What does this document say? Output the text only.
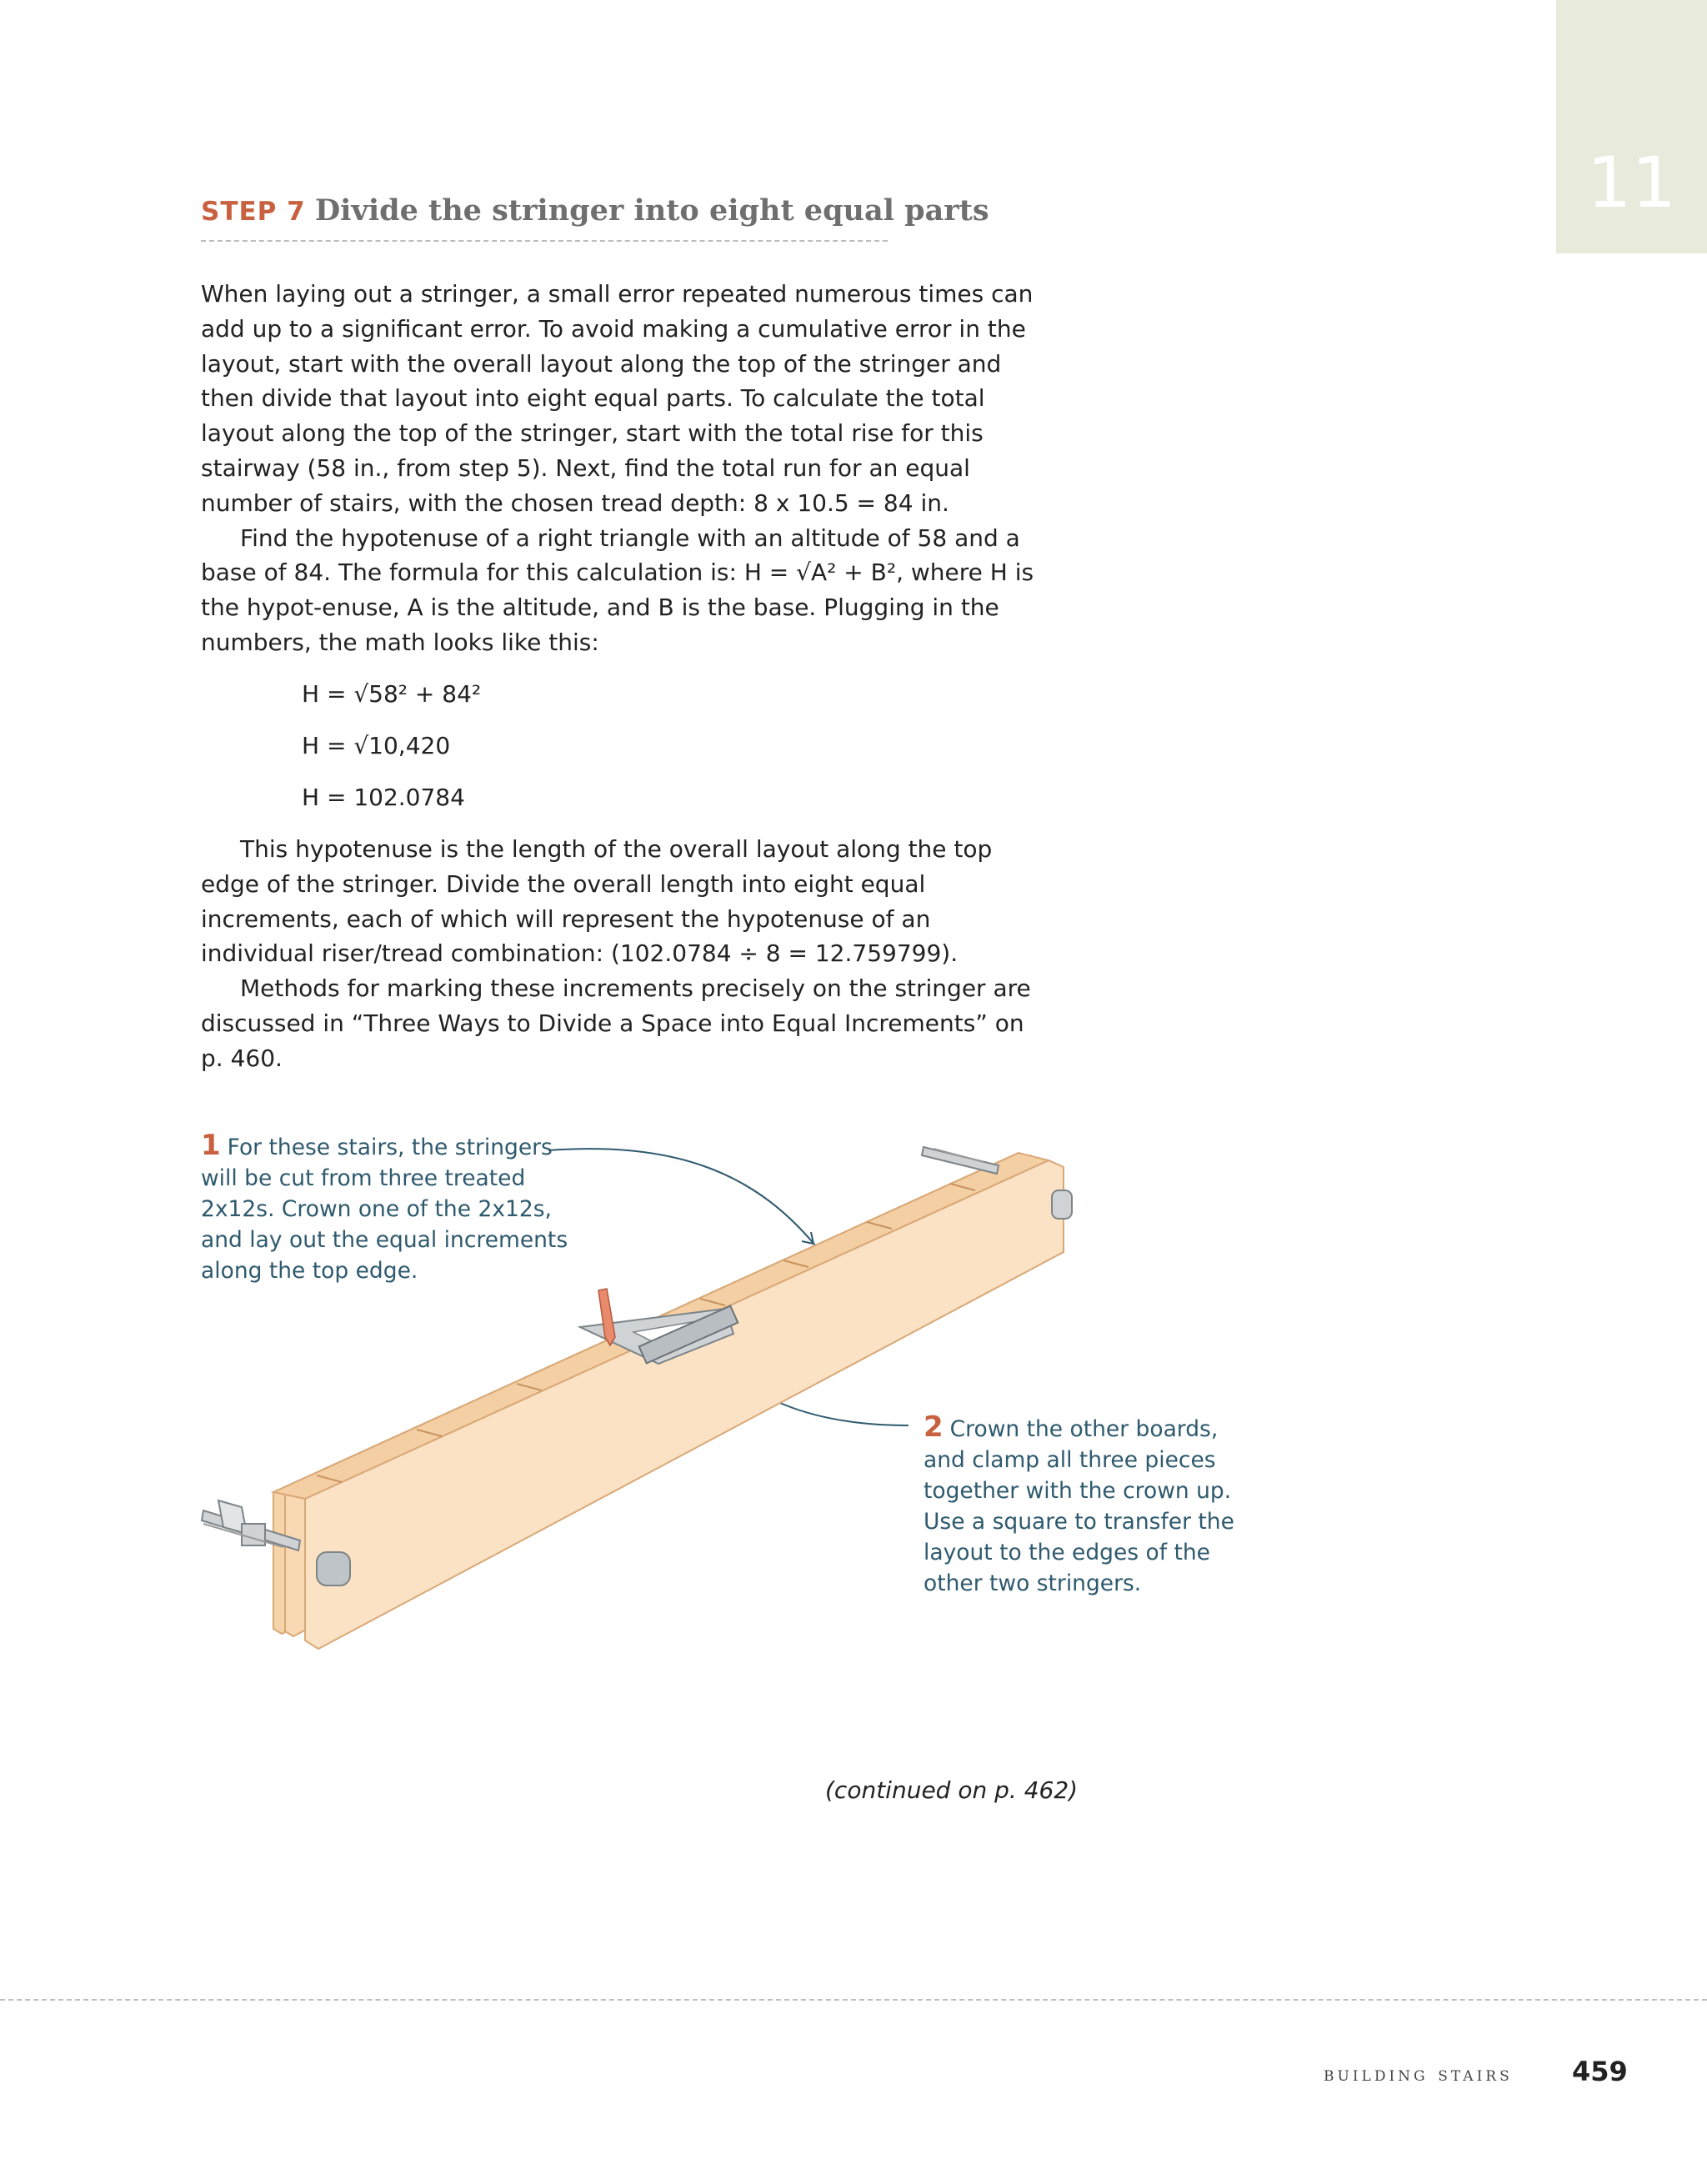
11
STEP 7 Divide the stringer into eight equal parts

When laying out a stringer, a small error repeated numerous times can add up to a significant error. To avoid making a cumulative error in the layout, start with the overall layout along the top of the stringer and then divide that layout into eight equal parts. To calculate the total layout along the top of the stringer, start with the total rise for this stairway (58 in., from step 5). Next, find the total run for an equal number of stairs, with the chosen tread depth: 8 x 10.5 = 84 in.

Find the hypotenuse of a right triangle with an altitude of 58 and a base of 84. The formula for this calculation is: H = √A² + B², where H is the hypot-enuse, A is the altitude, and B is the base. Plugging in the numbers, the math looks like this:

H = √58² + 84²
H = √10,420
H = 102.0784

This hypotenuse is the length of the overall layout along the top edge of the stringer. Divide the overall length into eight equal increments, each of which will represent the hypotenuse of an individual riser/tread combination: (102.0784 ÷ 8 = 12.759799).

Methods for marking these increments precisely on the stringer are discussed in “Three Ways to Divide a Space into Equal Increments” on p. 460.

1 For these stairs, the stringers
will be cut from three treated
2x12s. Crown one of the 2x12s,
and lay out the equal increments
along the top edge.
2 Crown the other boards,
and clamp all three pieces
together with the crown up.
Use a square to transfer the
layout to the edges of the
other two stringers.
(continued on p. 462)
building stairs 459
